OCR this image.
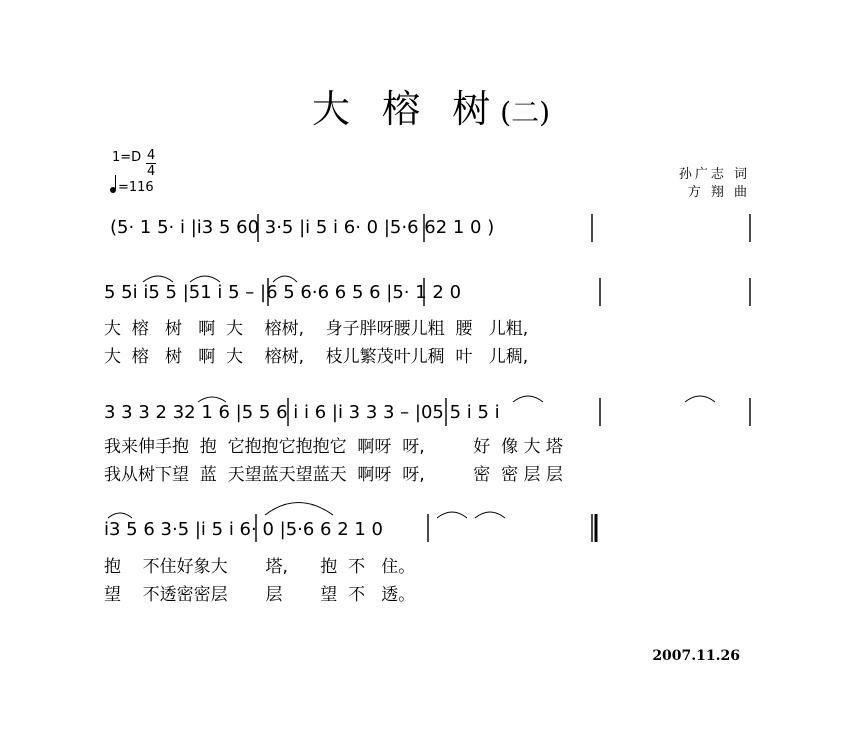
大 榕 树(二)
1=D 4
4
=116
孙广志 词
方 翔 曲
(5· 1 5· i |i3 5 60 3·5 |i 5 i 6· 0 |5·6 62 1 0 )
5 5i i5 5 |51 i 5 – |6 5 6·6 6 5 6 |5· 1 2 0
3 3 3 2 32 1 6 |5 5 6 i i 6 |i 3 3 3 – |05 5 i 5 i
i3 5 6 3·5 |i 5 i 6· 0 |5·6 6 2 1 0
大  榕   树   啊  大    榕树,    身子胖呀腰儿粗  腰   儿粗,
大  榕   树   啊  大    榕树,    枝儿繁茂叶儿稠  叶   儿稠,
我来伸手抱  抱  它抱抱它抱抱它  啊呀  呀,         好  像 大 塔
我从树下望  蓝  天望蓝天望蓝天  啊呀  呀,         密  密 层 层
抱    不住好象大       塔,      抱  不   住。
望    不透密密层       层       望  不   透。
2007.11.26
